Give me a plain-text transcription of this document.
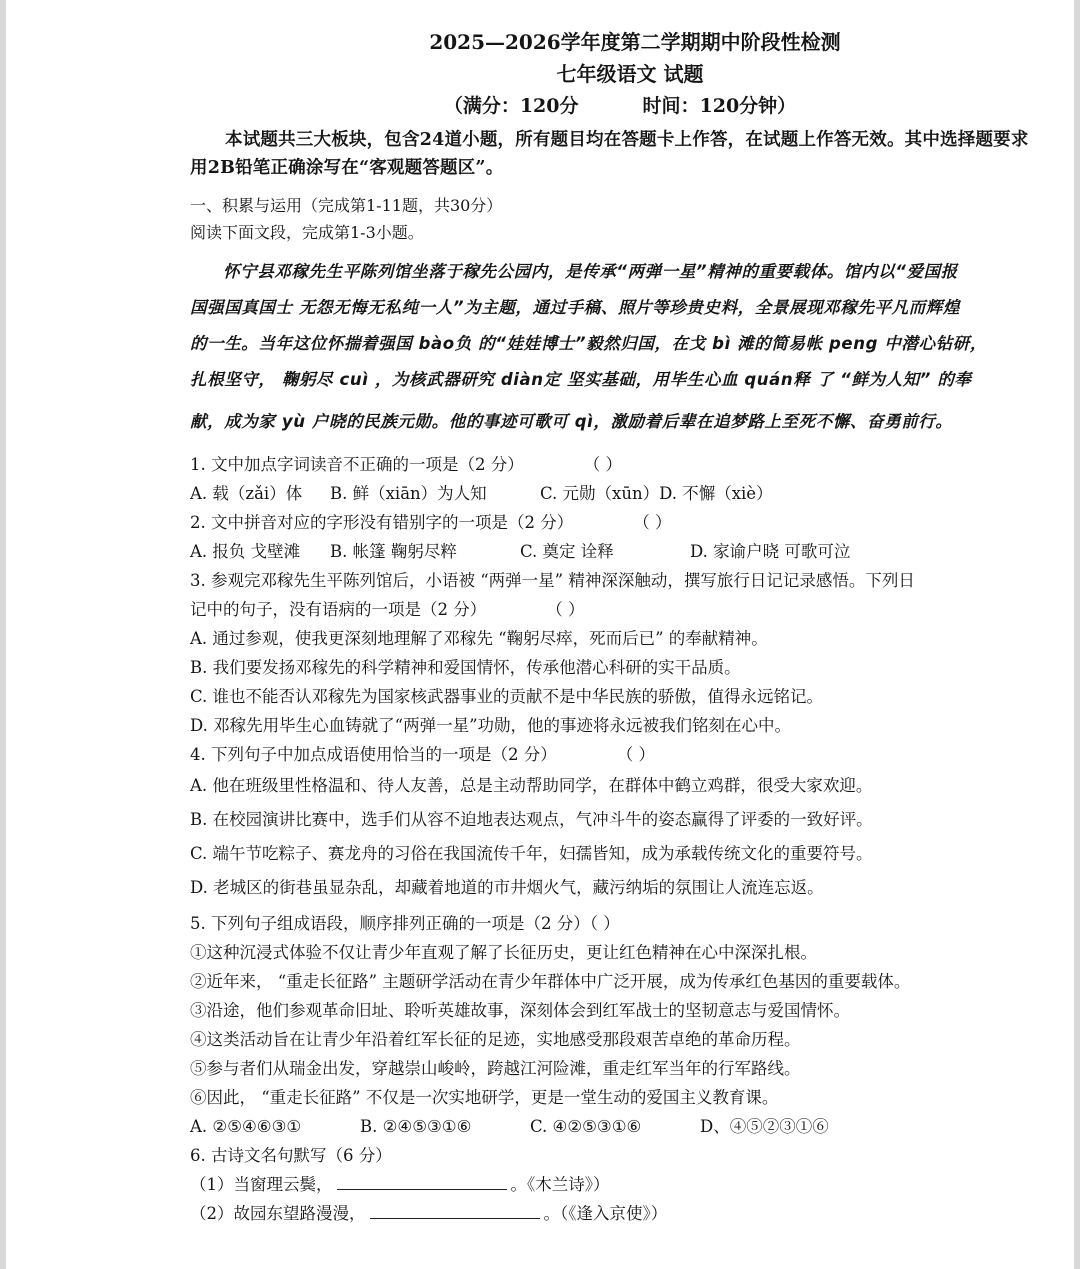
2025—2026学年度第二学期期中阶段性检测
七年级语文 试题
（满分：120分	时间：120分钟）
本试题共三大板块，包含24道小题，所有题目均在答题卡上作答，在试题上作答无效。其中选择题要求用2B铅笔正确涂写在“客观题答题区”。
一、积累与运用（完成第1-11题，共30分）
阅读下面文段，完成第1-3小题。

怀宁县邓稼先生平陈列馆坐落于稼先公园内，是传承“两弹一星”精神的重要载体。馆内以“爱国报

国强国真国士 无怨无悔无私纯一人”为主题，通过手稿、照片等珍贵史料，全景展现邓稼先平凡而辉煌

的一生。当年这位怀揣着强国 bào负 的“娃娃博士”毅然归国，在戈 bì 滩的简易帐 peng 中潜心钻研，

扎根坚守， 鞠躬尽 cuì ，为核武器研究 diàn定 坚实基础，用毕生心血 quán释 了 “鲜为人知” 的奉

献，成为家 yù 户晓的民族元勋。他的事迹可歌可 qì，激励着后辈在追梦路上至死不懈、奋勇前行。

1. 文中加点字词读音不正确的一项是（2 分）	（ ）

A. 载（zǎi）体 B. 鲜（xiān）为人知	C. 元勋（xūn）D. 不懈（xiè）

2. 文中拼音对应的字形没有错别字的一项是（2 分）	（ ）

A. 报负 戈壁滩 B. 帐篷 鞠躬尽粹	C. 奠定 诠释	D. 家谕户晓 可歌可泣

3. 参观完邓稼先生平陈列馆后，小语被 “两弹一星” 精神深深触动，撰写旅行日记记录感悟。下列日

记中的句子，没有语病的一项是（2 分）	（ ）

A. 通过参观，使我更深刻地理解了邓稼先 “鞠躬尽瘁，死而后已” 的奉献精神。

B. 我们要发扬邓稼先的科学精神和爱国情怀，传承他潜心科研的实干品质。

C. 谁也不能否认邓稼先为国家核武器事业的贡献不是中华民族的骄傲，值得永远铭记。

D. 邓稼先用毕生心血铸就了“两弹一星”功勋，他的事迹将永远被我们铭刻在心中。

4. 下列句子中加点成语使用恰当的一项是（2 分）	（ ）

A. 他在班级里性格温和、待人友善，总是主动帮助同学，在群体中鹤立鸡群，很受大家欢迎。

B. 在校园演讲比赛中，选手们从容不迫地表达观点，气冲斗牛的姿态赢得了评委的一致好评。

C. 端午节吃粽子、赛龙舟的习俗在我国流传千年，妇孺皆知，成为承载传统文化的重要符号。

D. 老城区的街巷虽显杂乱，却藏着地道的市井烟火气，藏污纳垢的氛围让人流连忘返。

5. 下列句子组成语段，顺序排列正确的一项是（2 分）（ ）

①这种沉浸式体验不仅让青少年直观了解了长征历史，更让红色精神在心中深深扎根。

②近年来， “重走长征路” 主题研学活动在青少年群体中广泛开展，成为传承红色基因的重要载体。

③沿途，他们参观革命旧址、聆听英雄故事，深刻体会到红军战士的坚韧意志与爱国情怀。

④这类活动旨在让青少年沿着红军长征的足迹，实地感受那段艰苦卓绝的革命历程。

⑤参与者们从瑞金出发，穿越崇山峻岭，跨越江河险滩，重走红军当年的行军路线。

⑥因此， “重走长征路” 不仅是一次实地研学，更是一堂生动的爱国主义教育课。

A. ②⑤④⑥③①	B. ②④⑤③①⑥	C. ④②⑤③①⑥	D、④⑤②③①⑥

6. 古诗文名句默写（6 分）

（1）当窗理云鬓，	。《木兰诗》）

（2）故园东望路漫漫，	。（《逢入京使》）
